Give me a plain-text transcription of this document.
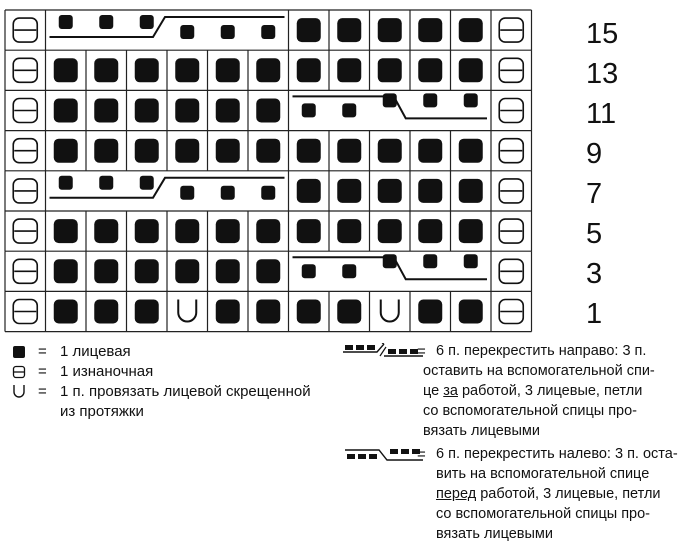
15
13
11
9
7
5
3
1
= 1 лицевая
= 1 изнаночная
= 1 п. провязать лицевой скрещенной
из протяжки
= 6 п. перекрестить направо: 3 п.
оставить на вспомогательной спи-
це за работой, 3 лицевые, петли
со вспомогательной спицы про-
вязать лицевыми
= 6 п. перекрестить налево: 3 п. оста-
вить на вспомогательной спице
перед работой, 3 лицевые, петли
со вспомогательной спицы про-
вязать лицевыми
